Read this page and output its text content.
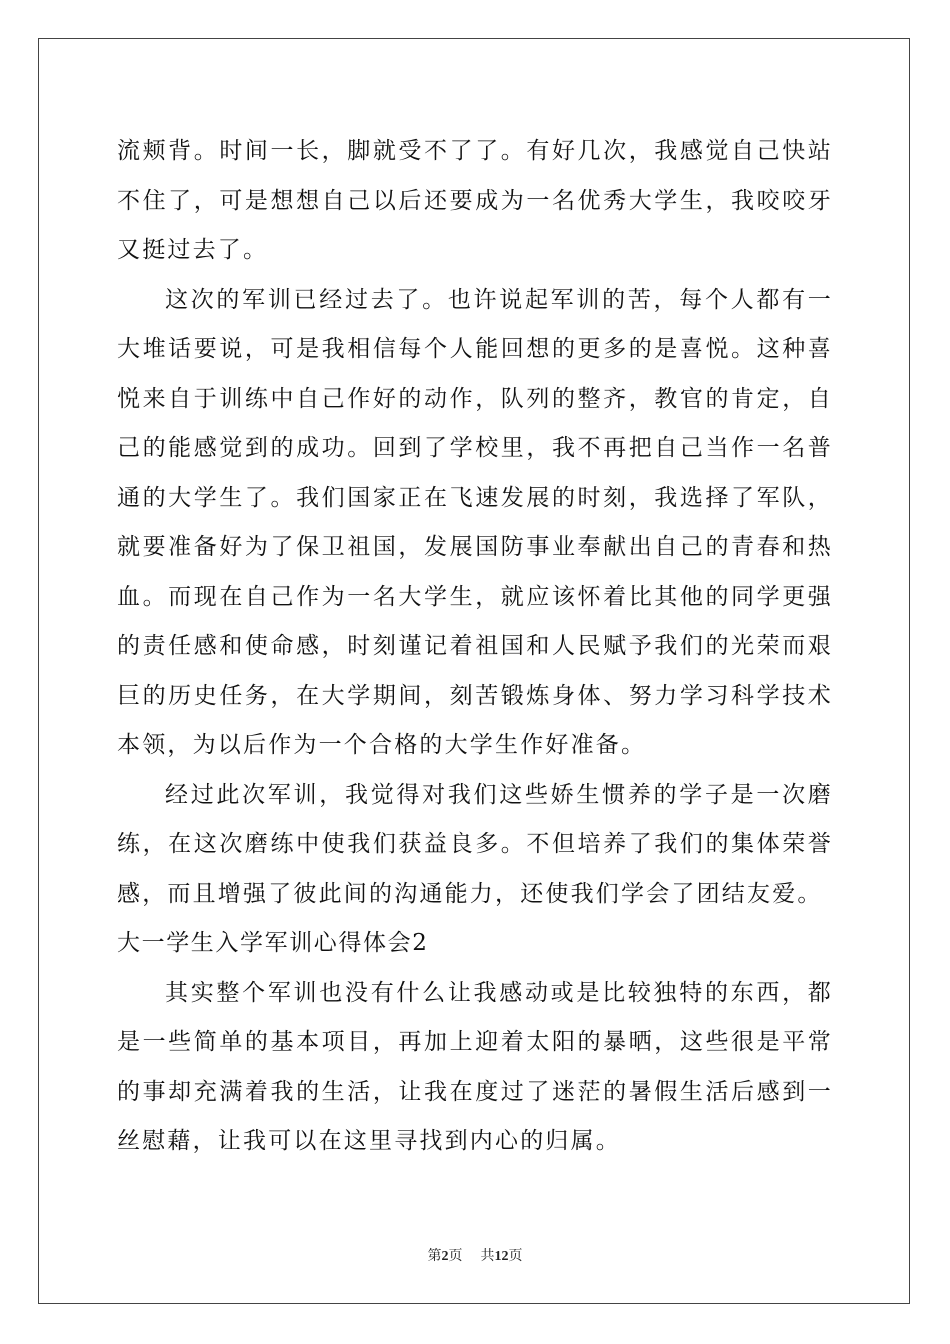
流颊背。时间一长，脚就受不了了。有好几次，我感觉自己快站不住了，可是想想自己以后还要成为一名优秀大学生，我咬咬牙又挺过去了。

这次的军训已经过去了。也许说起军训的苦，每个人都有一大堆话要说，可是我相信每个人能回想的更多的是喜悦。这种喜悦来自于训练中自己作好的动作，队列的整齐，教官的肯定，自己的能感觉到的成功。回到了学校里，我不再把自己当作一名普通的大学生了。我们国家正在飞速发展的时刻，我选择了军队，就要准备好为了保卫祖国，发展国防事业奉献出自己的青春和热血。而现在自己作为一名大学生，就应该怀着比其他的同学更强的责任感和使命感，时刻谨记着祖国和人民赋予我们的光荣而艰巨的历史任务，在大学期间，刻苦锻炼身体、努力学习科学技术本领，为以后作为一个合格的大学生作好准备。

经过此次军训，我觉得对我们这些娇生惯养的学子是一次磨练，在这次磨练中使我们获益良多。不但培养了我们的集体荣誉感，而且增强了彼此间的沟通能力，还使我们学会了团结友爱。

大一学生入学军训心得体会2

其实整个军训也没有什么让我感动或是比较独特的东西，都是一些简单的基本项目，再加上迎着太阳的暴晒，这些很是平常的事却充满着我的生活，让我在度过了迷茫的暑假生活后感到一丝慰藉，让我可以在这里寻找到内心的归属。

第2页 共12页
